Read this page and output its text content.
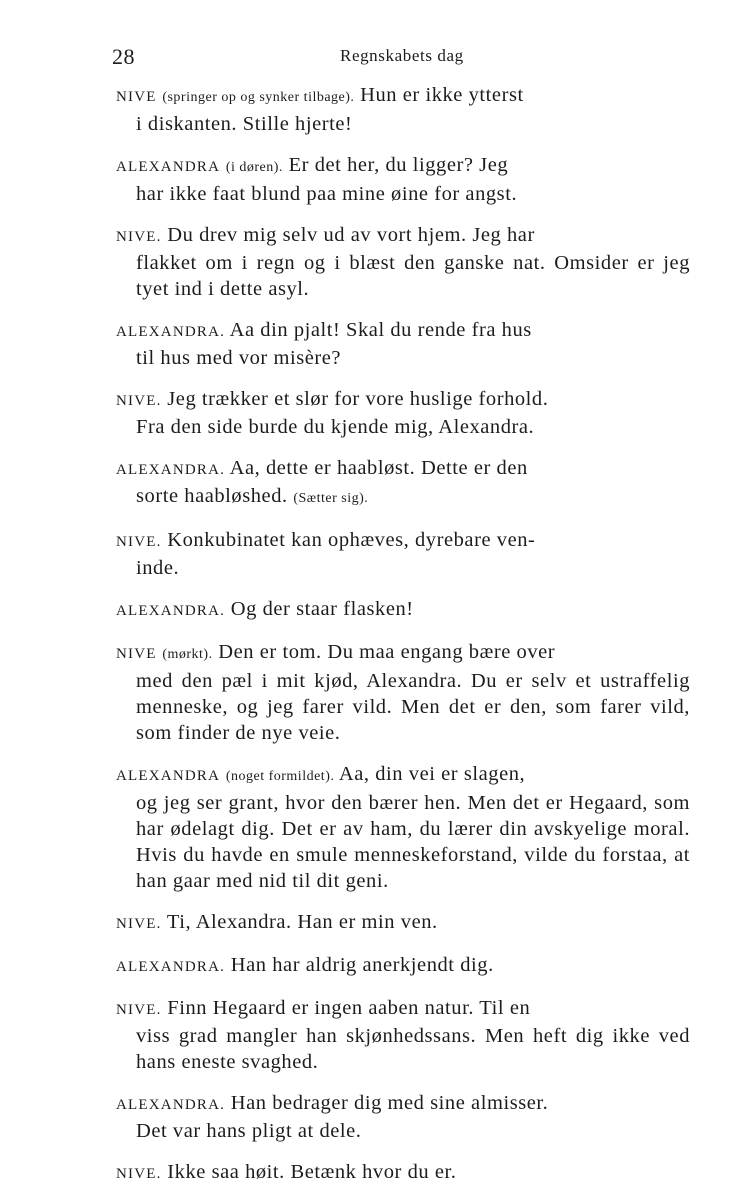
28	Regnskabets dag

NIVE (springer op og synker tilbage). Hun er ikke ytterst
i diskanten. Stille hjerte!

ALEXANDRA (i døren). Er det her, du ligger? Jeg
har ikke faat blund paa mine øine for angst.

NIVE. Du drev mig selv ud av vort hjem. Jeg har
flakket om i regn og i blæst den ganske nat. Omsider er jeg tyet ind i dette asyl.

ALEXANDRA. Aa din pjalt! Skal du rende fra hus
til hus med vor misère?

NIVE. Jeg trækker et slør for vore huslige forhold.
Fra den side burde du kjende mig, Alexandra.

ALEXANDRA. Aa, dette er haabløst. Dette er den
sorte haabløshed. (Sætter sig).

NIVE. Konkubinatet kan ophæves, dyrebare ven-
inde.

ALEXANDRA. Og der staar flasken!

NIVE (mørkt). Den er tom. Du maa engang bære over
med den pæl i mit kjød, Alexandra. Du er selv et ustraffelig menneske, og jeg farer vild. Men det er den, som farer vild, som finder de nye veie.

ALEXANDRA (noget formildet). Aa, din vei er slagen,
og jeg ser grant, hvor den bærer hen. Men det er Hegaard, som har ødelagt dig. Det er av ham, du lærer din avskyelige moral. Hvis du havde en smule menneskeforstand, vilde du forstaa, at han gaar med nid til dit geni.

NIVE. Ti, Alexandra. Han er min ven.

ALEXANDRA. Han har aldrig anerkjendt dig.

NIVE. Finn Hegaard er ingen aaben natur. Til en
viss grad mangler han skjønhedssans. Men heft dig ikke ved hans eneste svaghed.

ALEXANDRA. Han bedrager dig med sine almisser.
Det var hans pligt at dele.

NIVE. Ikke saa høit. Betænk hvor du er.
